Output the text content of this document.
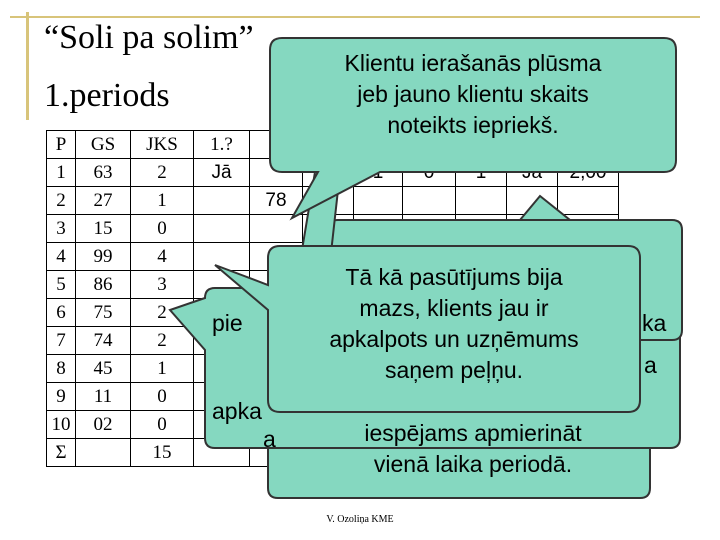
“Soli pa solim”
1.periods
P	GS	JKS	1.?							
1	63	2	Jā							
2	27	1		78						
3	15	0								
4	99	4								
5	86	3								
6	75	2								
7	74	2								
8	45	1								
9	11	0								
10	02	0								
Σ		15								
Klientu ierašanās plūsma
jeb jauno klientu skaits
noteikts iepriekš.
pie	ka
apka
a
Tā kā pasūtījums bija
mazs, klients jau ir
apkalpots un uzņēmums
saņem peļņu.
a	iespējams apmierināt
vienā laika periodā.
V. Ozoliņa KME
